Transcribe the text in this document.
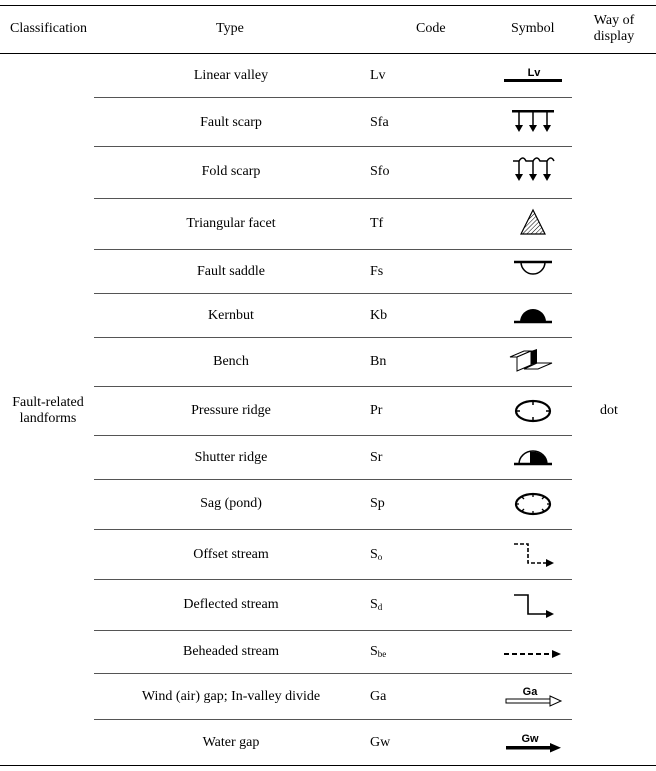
Classification	Type	Code	Symbol
Way of
display
Fault-related
landforms
dot
Linear valley	Lv	Lv
Fault scarp	Sfa
Fold scarp	Sfo
Triangular facet	Tf
Fault saddle	Fs
Kernbut	Kb
Bench	Bn
Pressure ridge	Pr
Shutter ridge	Sr
Sag (pond)	Sp
Offset stream	$S_o$
Deflected stream	$S_d$
Beheaded stream	$S_{be}$
Wind (air) gap; In-valley divide	Ga	Ga
Water gap	Gw	Gw
